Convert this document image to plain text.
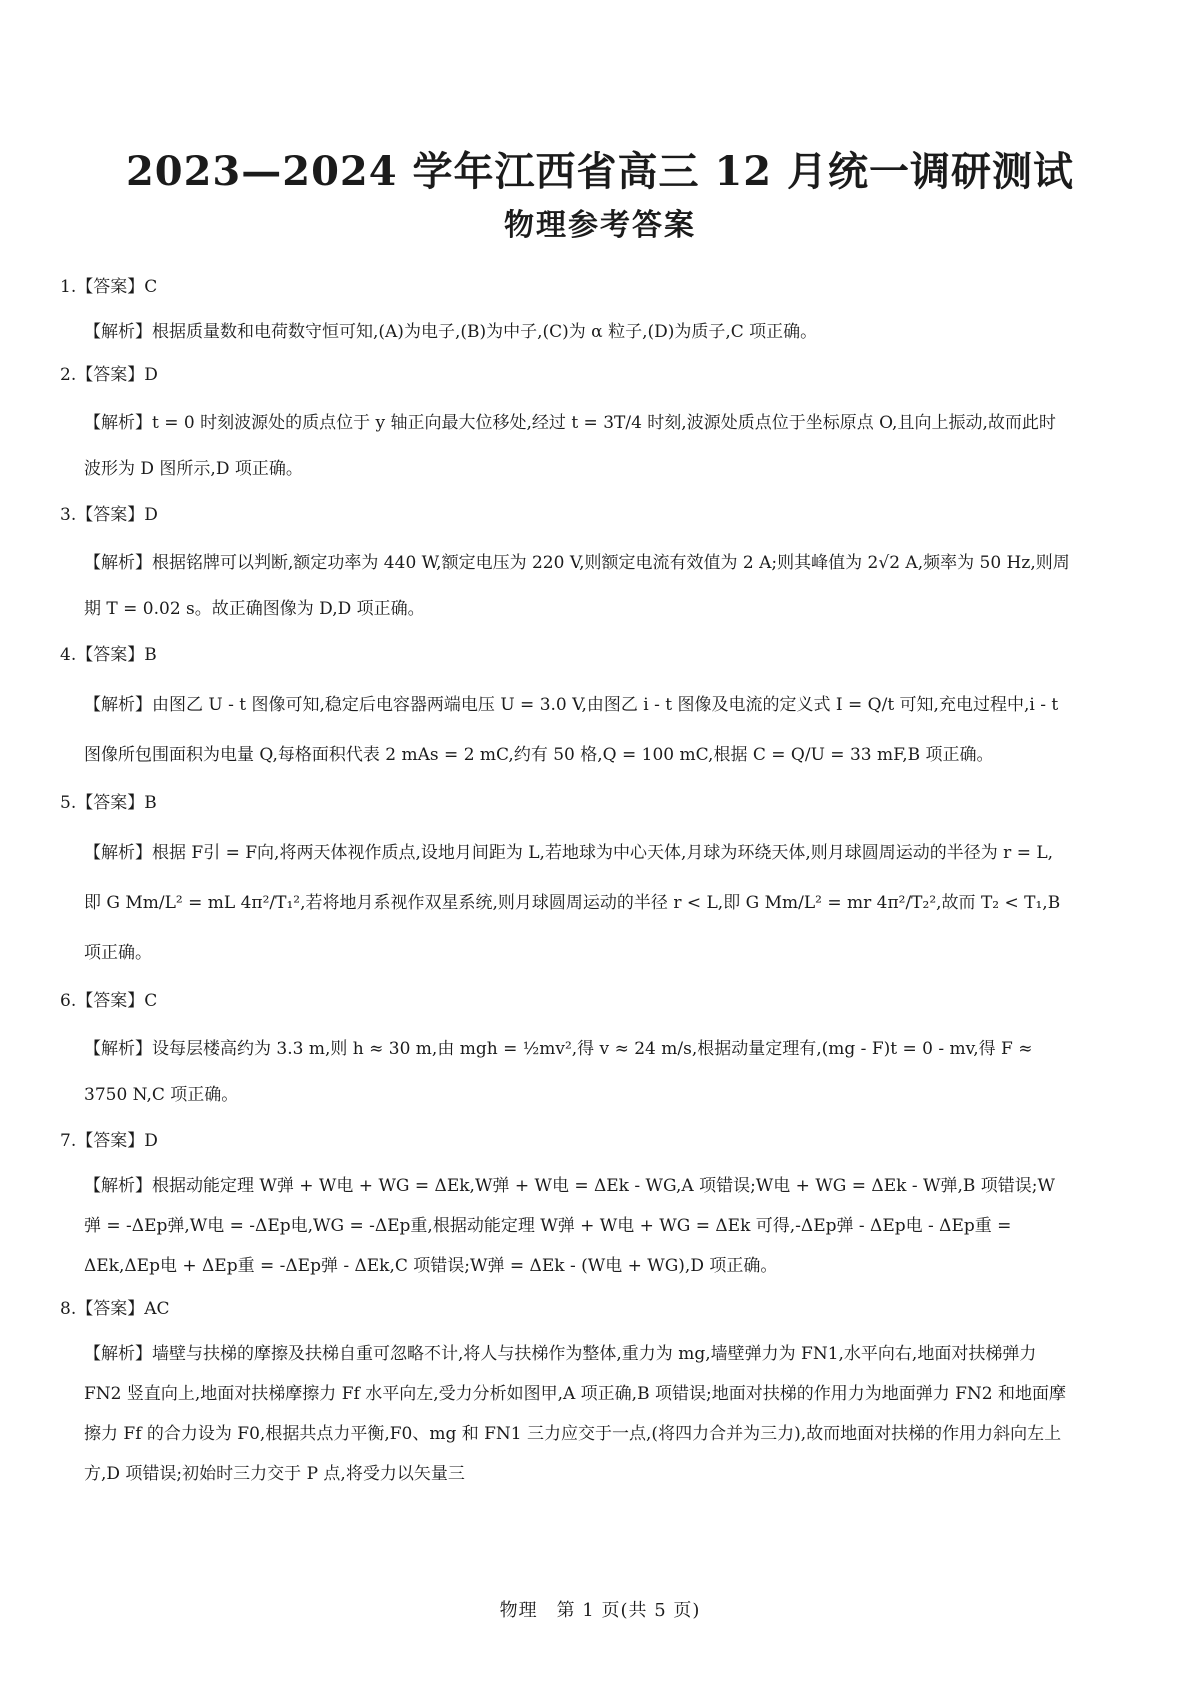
2023—2024 学年江西省高三 12 月统一调研测试
物理参考答案

1.【答案】C

【解析】根据质量数和电荷数守恒可知,(A)为电子,(B)为中子,(C)为 α 粒子,(D)为质子,C 项正确。

2.【答案】D

【解析】t = 0 时刻波源处的质点位于 y 轴正向最大位移处,经过 t = 3T/4 时刻,波源处质点位于坐标原点 O,且向上振动,故而此时波形为 D 图所示,D 项正确。

3.【答案】D

【解析】根据铭牌可以判断,额定功率为 440 W,额定电压为 220 V,则额定电流有效值为 2 A;则其峰值为 2√2 A,频率为 50 Hz,则周期 T = 0.02 s。故正确图像为 D,D 项正确。

4.【答案】B

【解析】由图乙 U - t 图像可知,稳定后电容器两端电压 U = 3.0 V,由图乙 i - t 图像及电流的定义式 I = Q/t 可知,充电过程中,i - t 图像所包围面积为电量 Q,每格面积代表 2 mAs = 2 mC,约有 50 格,Q = 100 mC,根据 C = Q/U = 33 mF,B 项正确。

5.【答案】B

【解析】根据 F引 = F向,将两天体视作质点,设地月间距为 L,若地球为中心天体,月球为环绕天体,则月球圆周运动的半径为 r = L,即 G Mm/L² = mL 4π²/T₁²,若将地月系视作双星系统,则月球圆周运动的半径 r < L,即 G Mm/L² = mr 4π²/T₂²,故而 T₂ < T₁,B 项正确。

6.【答案】C

【解析】设每层楼高约为 3.3 m,则 h ≈ 30 m,由 mgh = ½mv²,得 v ≈ 24 m/s,根据动量定理有,(mg - F)t = 0 - mv,得 F ≈ 3750 N,C 项正确。

7.【答案】D

【解析】根据动能定理 W弹 + W电 + WG = ΔEk,W弹 + W电 = ΔEk - WG,A 项错误;W电 + WG = ΔEk - W弹,B 项错误;W弹 = -ΔEp弹,W电 = -ΔEp电,WG = -ΔEp重,根据动能定理 W弹 + W电 + WG = ΔEk 可得,-ΔEp弹 - ΔEp电 - ΔEp重 = ΔEk,ΔEp电 + ΔEp重 = -ΔEp弹 - ΔEk,C 项错误;W弹 = ΔEk - (W电 + WG),D 项正确。

8.【答案】AC

【解析】墙壁与扶梯的摩擦及扶梯自重可忽略不计,将人与扶梯作为整体,重力为 mg,墙壁弹力为 FN1,水平向右,地面对扶梯弹力 FN2 竖直向上,地面对扶梯摩擦力 Ff 水平向左,受力分析如图甲,A 项正确,B 项错误;地面对扶梯的作用力为地面弹力 FN2 和地面摩擦力 Ff 的合力设为 F0,根据共点力平衡,F0、mg 和 FN1 三力应交于一点,(将四力合并为三力),故而地面对扶梯的作用力斜向左上方,D 项错误;初始时三力交于 P 点,将受力以矢量三

物理　第 1 页(共 5 页)
